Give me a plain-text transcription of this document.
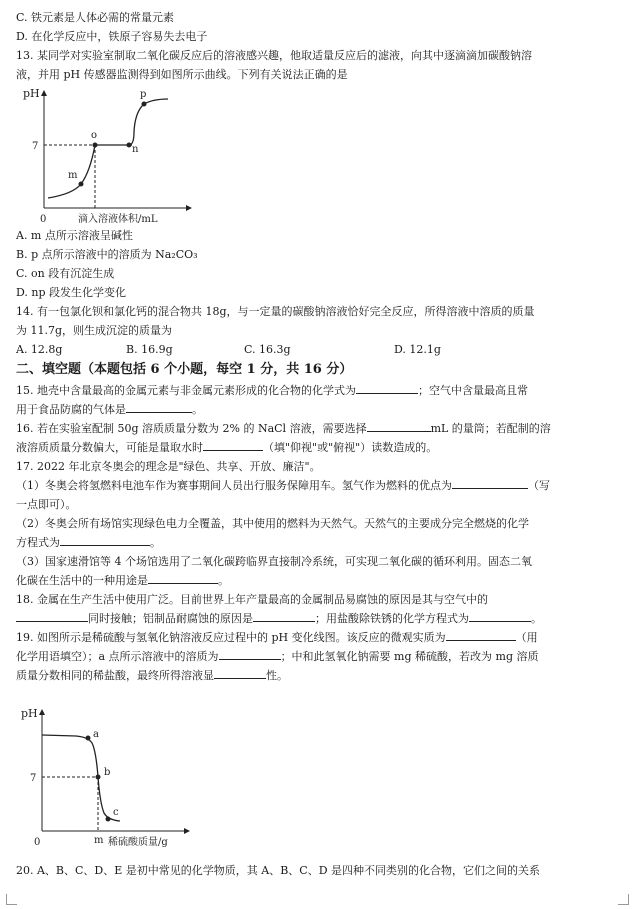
C. 铁元素是人体必需的常量元素
D. 在化学反应中，铁原子容易失去电子
13. 某同学对实验室制取二氧化碳反应后的溶液感兴趣，他取适量反应后的滤液，向其中逐滴滴加碳酸钠溶
液，并用 pH 传感器监测得到如图所示曲线。下列有关说法正确的是
pH
0
7
m
o
n
p
滴入溶液体积/mL
A. m 点所示溶液呈碱性
B. p 点所示溶液中的溶质为 Na₂CO₃
C. on 段有沉淀生成
D. np 段发生化学变化
14. 有一包氯化钡和氯化钙的混合物共 18g，与一定量的碳酸钠溶液恰好完全反应，所得溶液中溶质的质量
为 11.7g，则生成沉淀的质量为
A. 12.8g	B. 16.9g	C. 16.3g	D. 12.1g
二、填空题（本题包括 6 个小题，每空 1 分，共 16 分）
15. 地壳中含量最高的金属元素与非金属元素形成的化合物的化学式为	；空气中含量最高且常
用于食品防腐的气体是	。
16. 若在实验室配制 50g 溶质质量分数为 2% 的 NaCl 溶液，需要选择	mL 的量筒；若配制的溶
液溶质质量分数偏大，可能是量取水时	（填"仰视"或"俯视"）读数造成的。
17. 2022 年北京冬奥会的理念是"绿色、共享、开放、廉洁"。
（1）冬奥会将氢燃料电池车作为赛事期间人员出行服务保障用车。氢气作为燃料的优点为	（写
一点即可）。
（2）冬奥会所有场馆实现绿色电力全覆盖，其中使用的燃料为天然气。天然气的主要成分完全燃烧的化学
方程式为	。
（3）国家速滑馆等 4 个场馆选用了二氧化碳跨临界直接制冷系统，可实现二氧化碳的循环利用。固态二氧
化碳在生活中的一种用途是	。
18. 金属在生产生活中使用广泛。目前世界上年产量最高的金属制品易腐蚀的原因是其与空气中的
同时接触；铝制品耐腐蚀的原因是	；用盐酸除铁锈的化学方程式为	。
19. 如图所示是稀硫酸与氢氧化钠溶液反应过程中的 pH 变化线图。该反应的微观实质为	（用
化学用语填空）；a 点所示溶液中的溶质为	；中和此氢氧化钠需要 mg 稀硫酸，若改为 mg 溶质
质量分数相同的稀盐酸，最终所得溶液显	性。
pH
0
7
a
b
c
m 稀硫酸质量/g
20. A、B、C、D、E 是初中常见的化学物质，其 A、B、C、D 是四种不同类别的化合物，它们之间的关系
